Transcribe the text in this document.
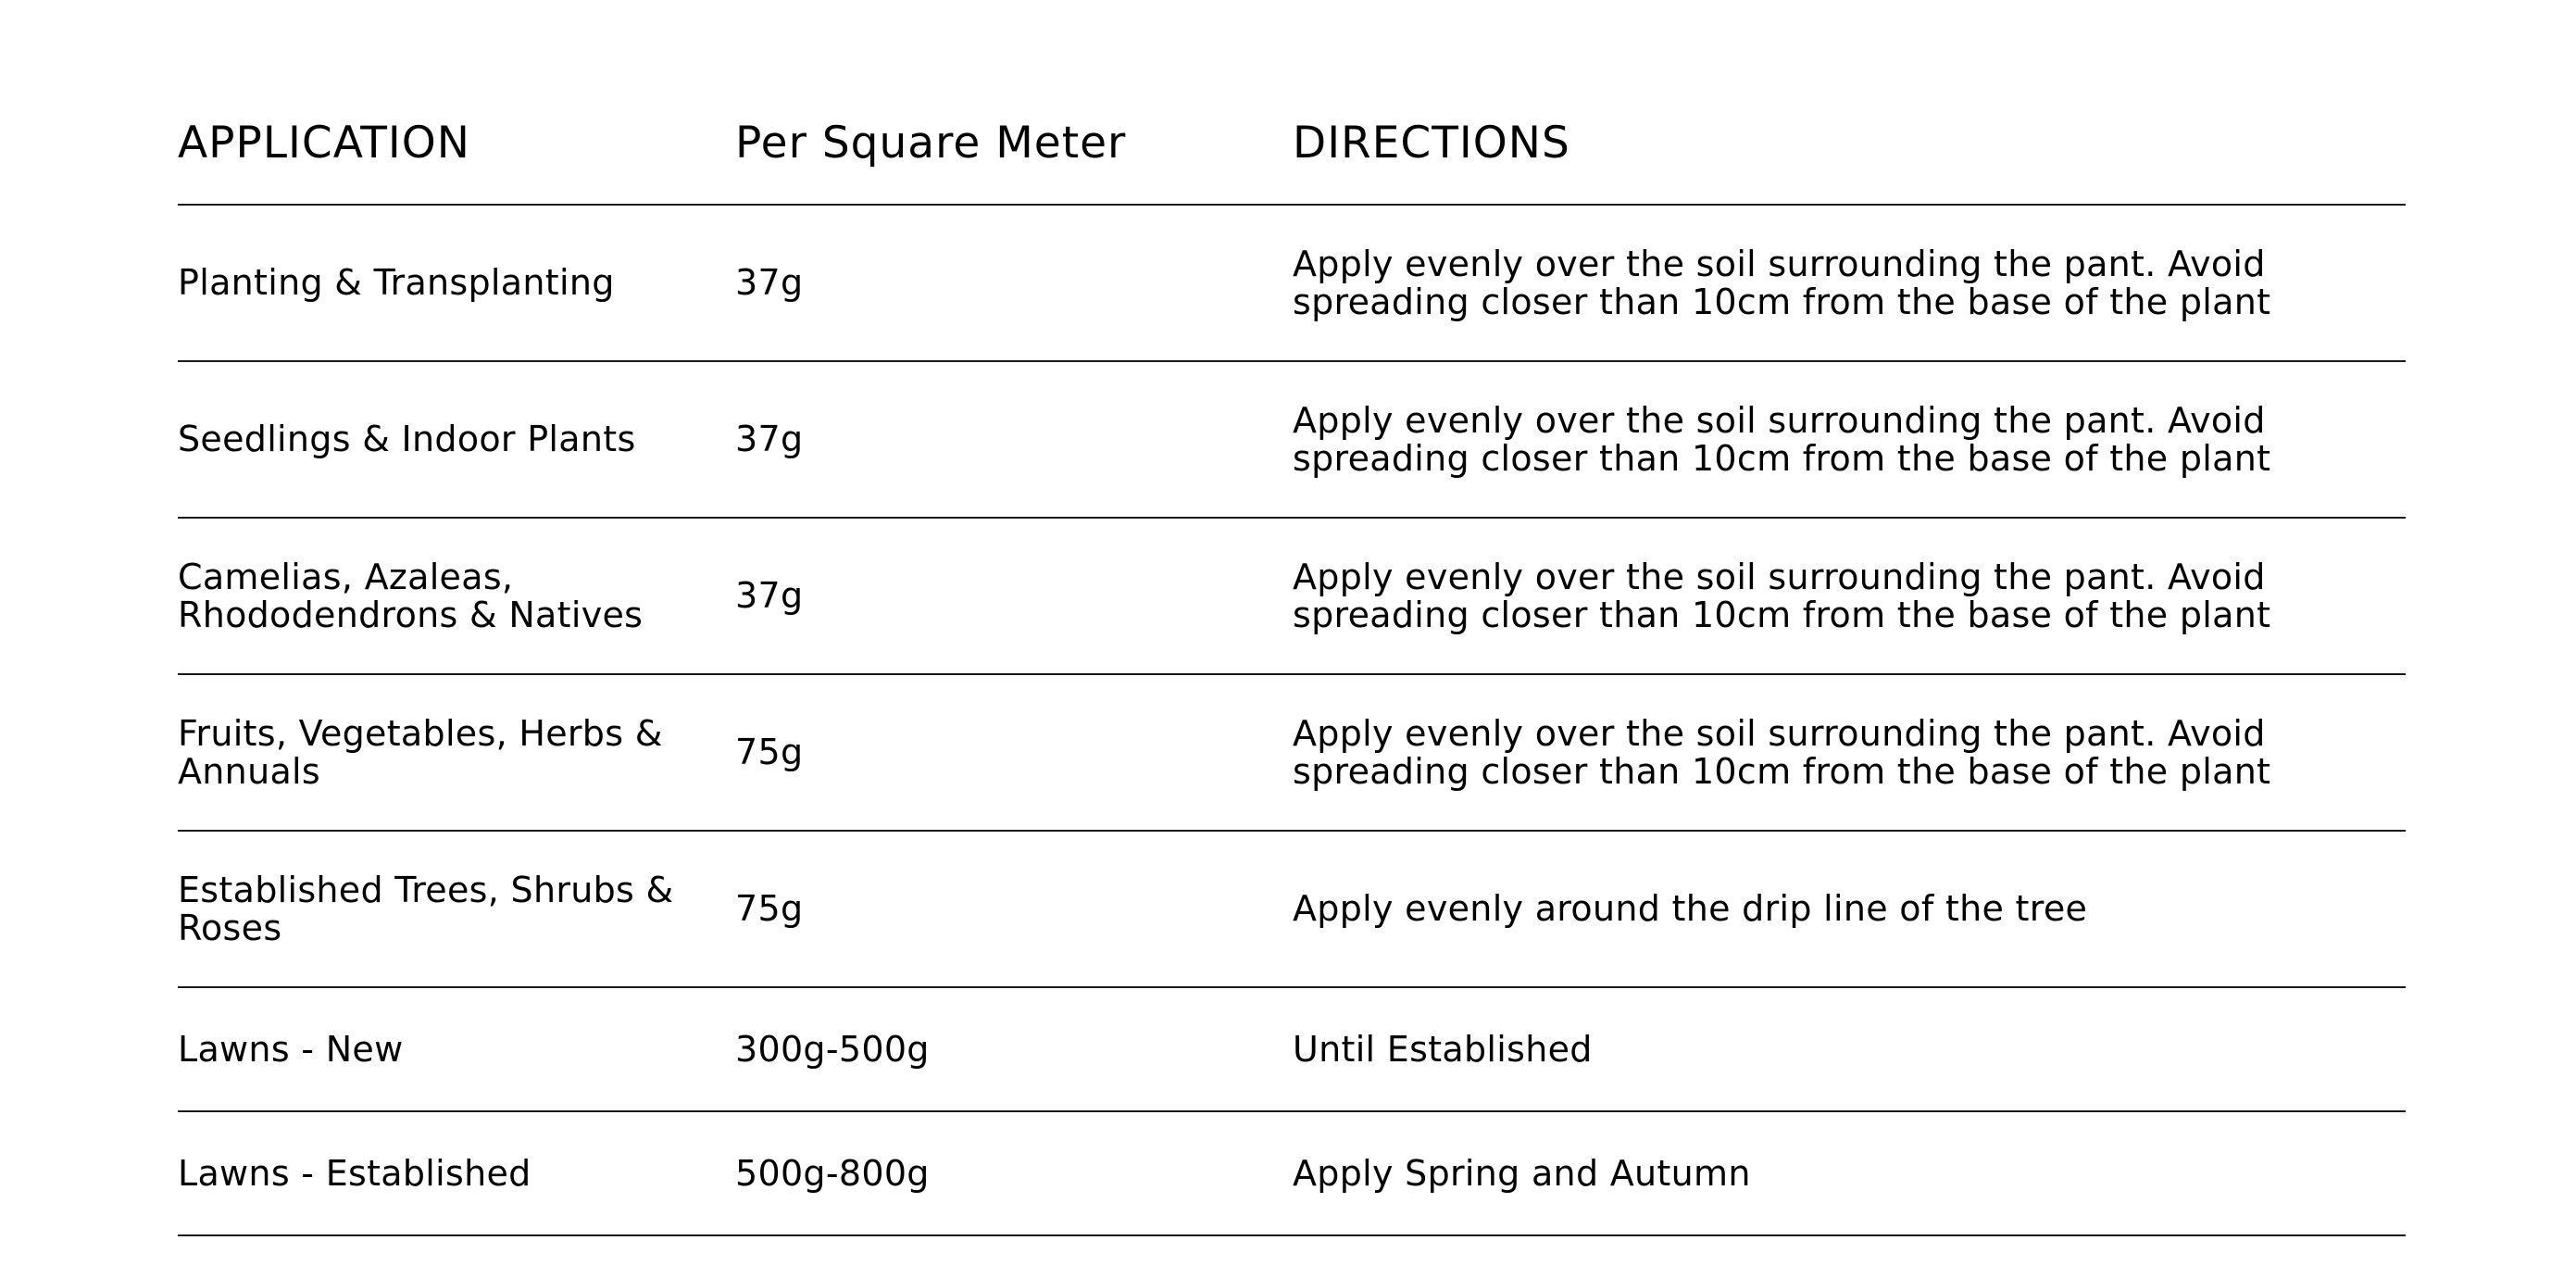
APPLICATION	Per Square Meter	DIRECTIONS
Planting & Transplanting	37g	Apply evenly over the soil surrounding the pant. Avoid spreading closer than 10cm from the base of the plant
Seedlings & Indoor Plants	37g	Apply evenly over the soil surrounding the pant. Avoid spreading closer than 10cm from the base of the plant
Camelias, Azaleas, Rhododendrons & Natives	37g	Apply evenly over the soil surrounding the pant. Avoid spreading closer than 10cm from the base of the plant
Fruits, Vegetables, Herbs & Annuals	75g	Apply evenly over the soil surrounding the pant. Avoid spreading closer than 10cm from the base of the plant
Established Trees, Shrubs & Roses	75g	Apply evenly around the drip line of the tree
Lawns - New	300g-500g	Until Established
Lawns - Established	500g-800g	Apply Spring and Autumn
